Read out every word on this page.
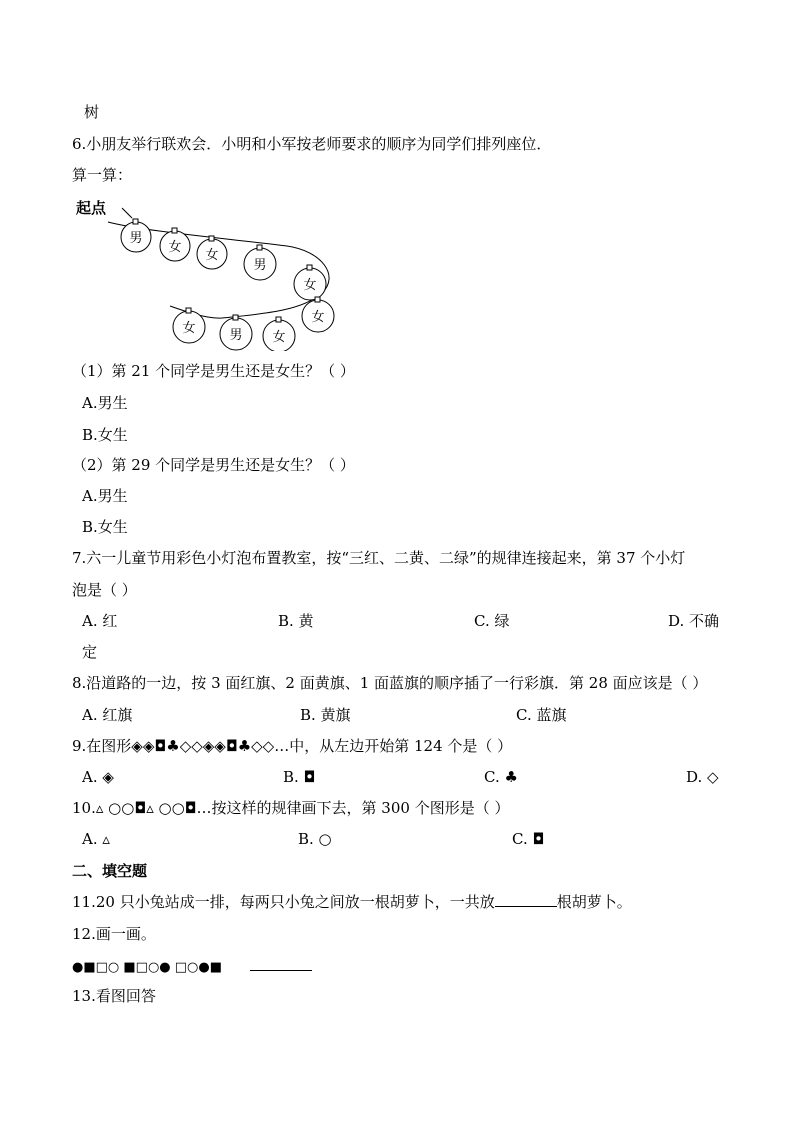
树
6.小朋友举行联欢会．小明和小军按老师要求的顺序为同学们排列座位．
算一算：
起点
男
女
女
男
女
女	男 女
女
（1）第 21 个同学是男生还是女生？（ ）
A.男生
B.女生
（2）第 29 个同学是男生还是女生？（ ）
A.男生
B.女生
7.六一儿童节用彩色小灯泡布置教室，按“三红、二黄、二绿”的规律连接起来，第 37 个小灯
泡是（ ）
A. 红	B. 黄	C. 绿	D. 不确
定
8.沿道路的一边，按 3 面红旗、2 面黄旗、1 面蓝旗的顺序插了一行彩旗．第 28 面应该是（ ）
A. 红旗	B. 黄旗	C. 蓝旗
9.在图形◈◈◘♣◇◇◈◈◘♣◇◇…中，从左边开始第 124 个是（ ）
A. ◈	B. ◘	C. ♣	D. ◇
10.▵ ○○◘▵ ○○◘…按这样的规律画下去，第 300 个图形是（ ）
A. ▵	B. ○	C. ◘
二、填空题
11.20 只小兔站成一排，每两只小兔之间放一根胡萝卜，一共放	根胡萝卜。
12.画一画。
●■□○ ■□○● □○●■
13.看图回答
